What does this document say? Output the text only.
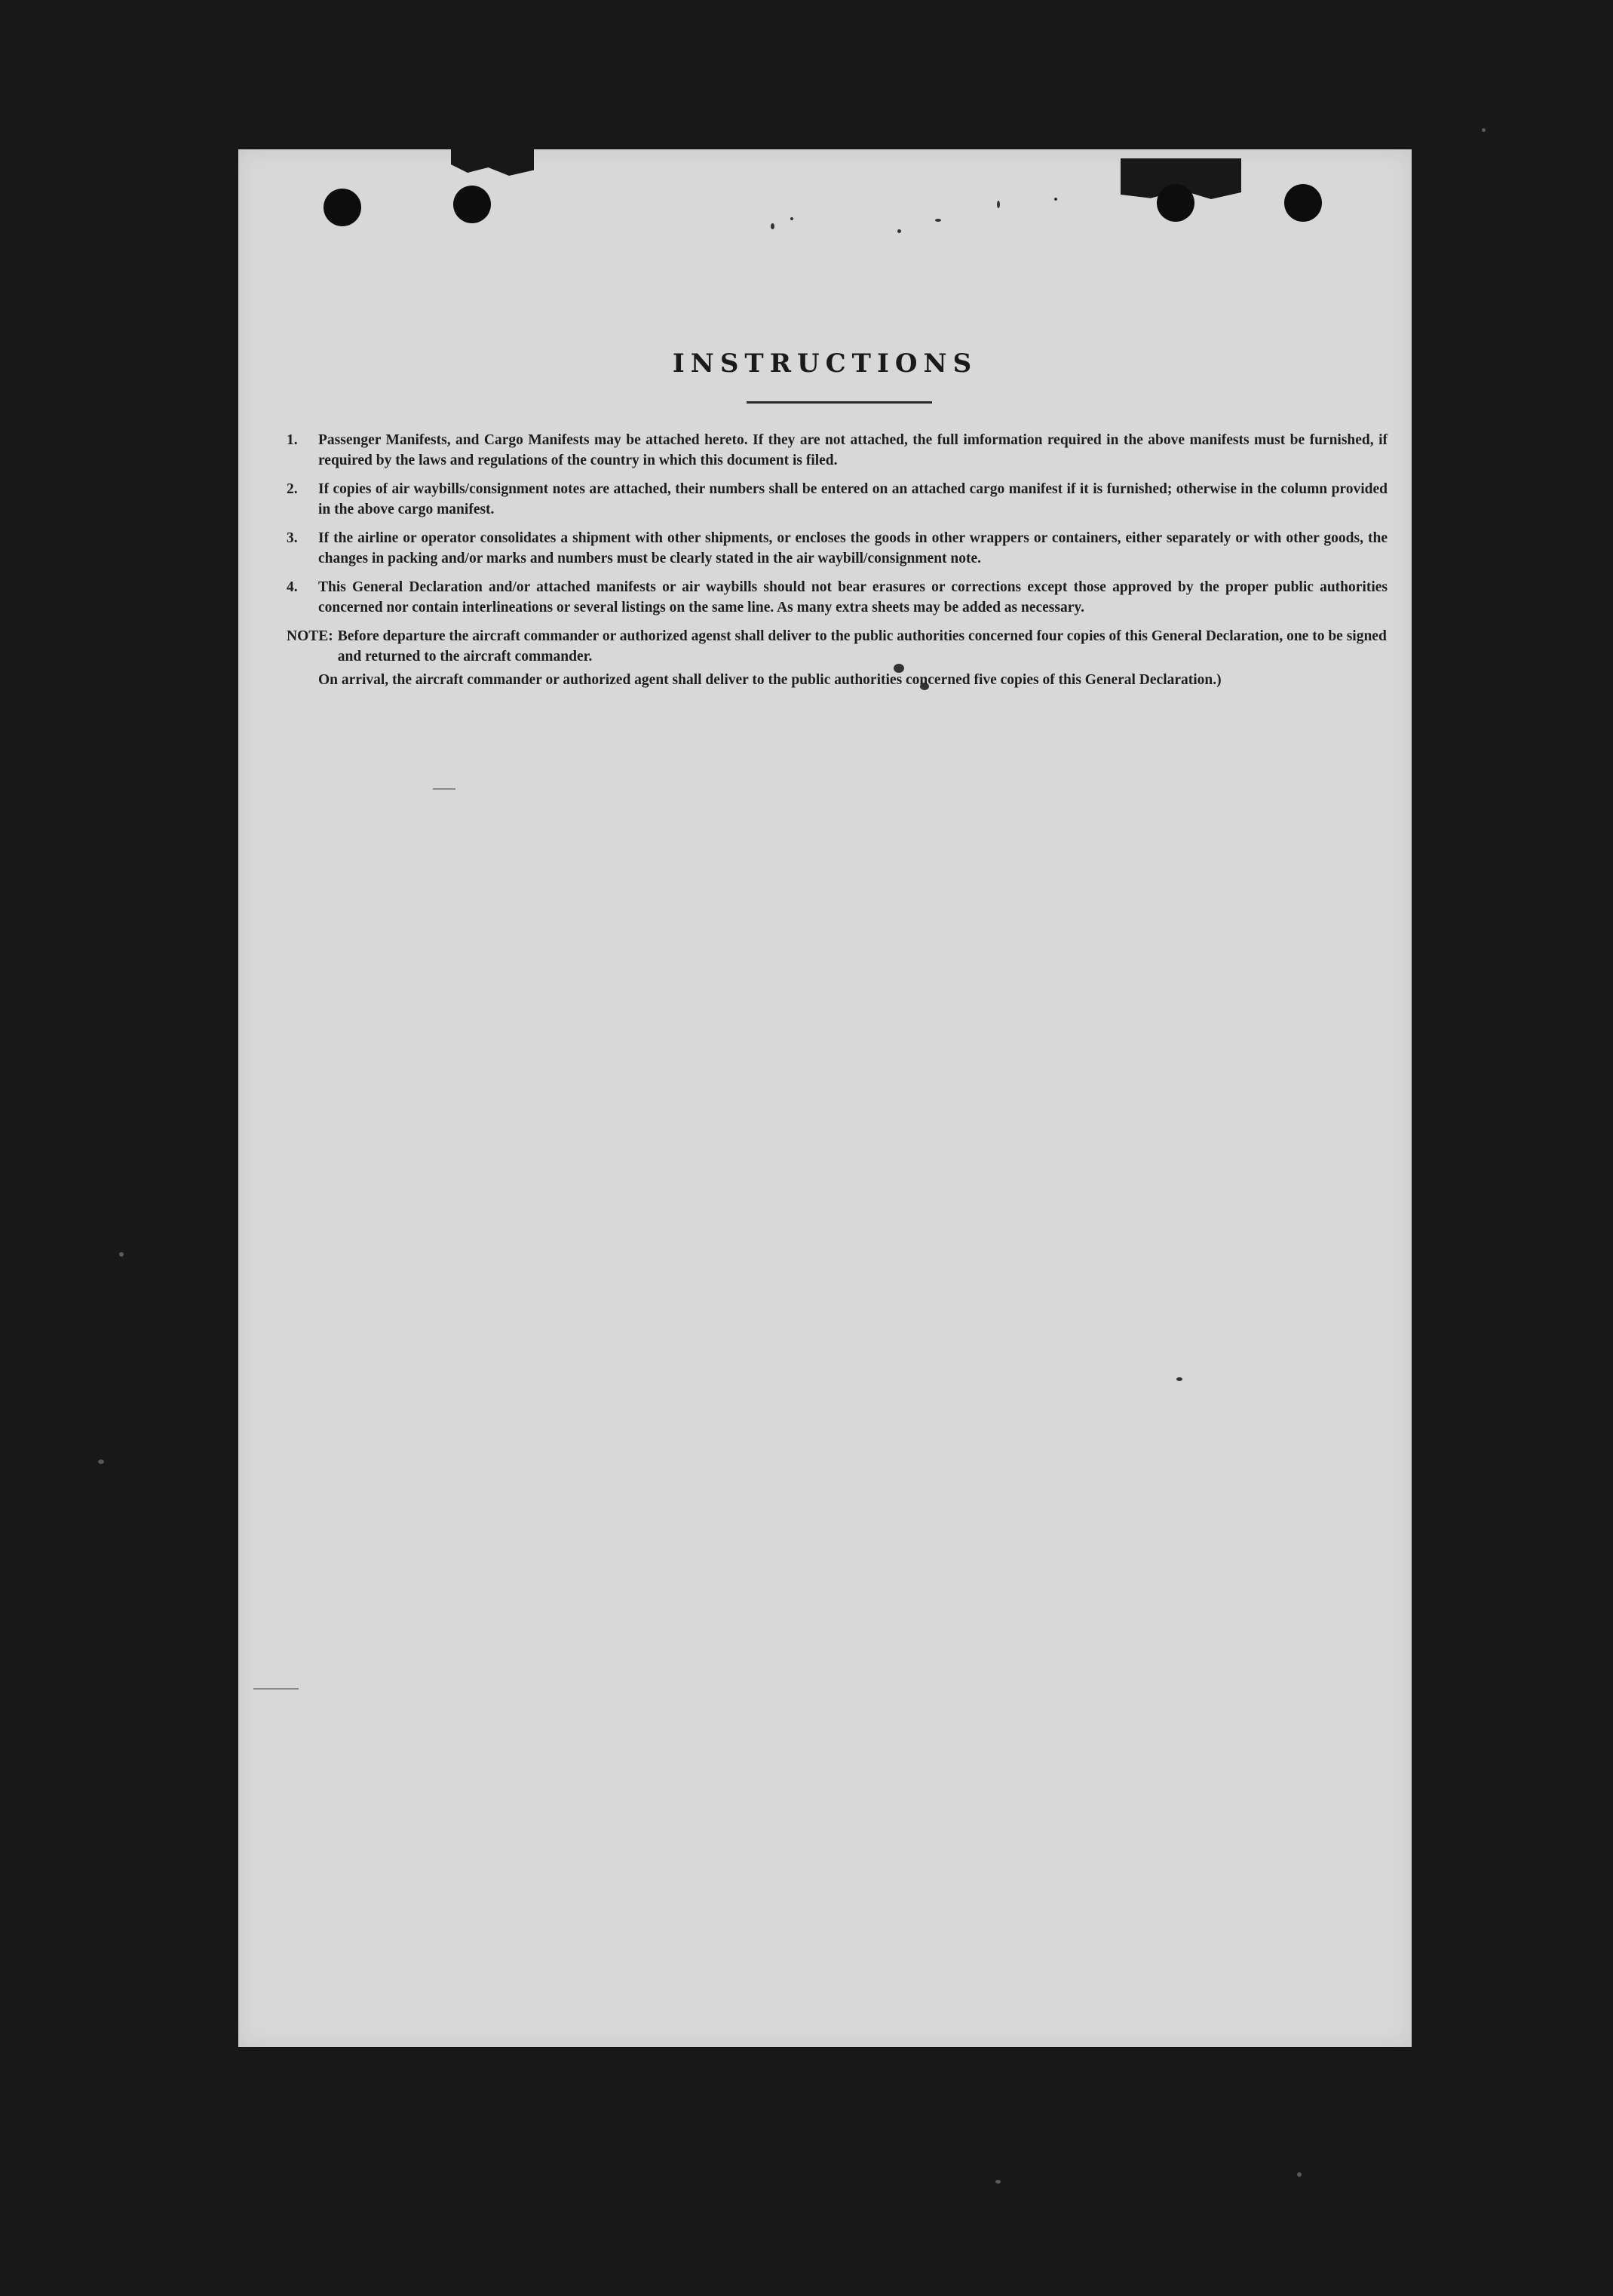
INSTRUCTIONS
1.	Passenger Manifests, and Cargo Manifests may be attached hereto. If they are not attached, the full imformation required in the above manifests must be furnished, if required by the laws and regulations of the country in which this document is filed.
2.	If copies of air waybills/consignment notes are attached, their numbers shall be entered on an attached cargo manifest if it is furnished; otherwise in the column provided in the above cargo manifest.
3.	If the airline or operator consolidates a shipment with other shipments, or encloses the goods in other wrappers or containers, either separately or with other goods, the changes in packing and/or marks and numbers must be clearly stated in the air waybill/consignment note.
4.	This General Declaration and/or attached manifests or air waybills should not bear erasures or corrections except those approved by the proper public authorities concerned nor contain interlineations or several listings on the same line. As many extra sheets may be added as necessary.
NOTE: Before departure the aircraft commander or authorized agenst shall deliver to the public authorities concerned four copies of this General Declaration, one to be signed and returned to the aircraft commander.
On arrival, the aircraft commander or authorized agent shall deliver to the public authorities concerned five copies of this General Declaration.)
